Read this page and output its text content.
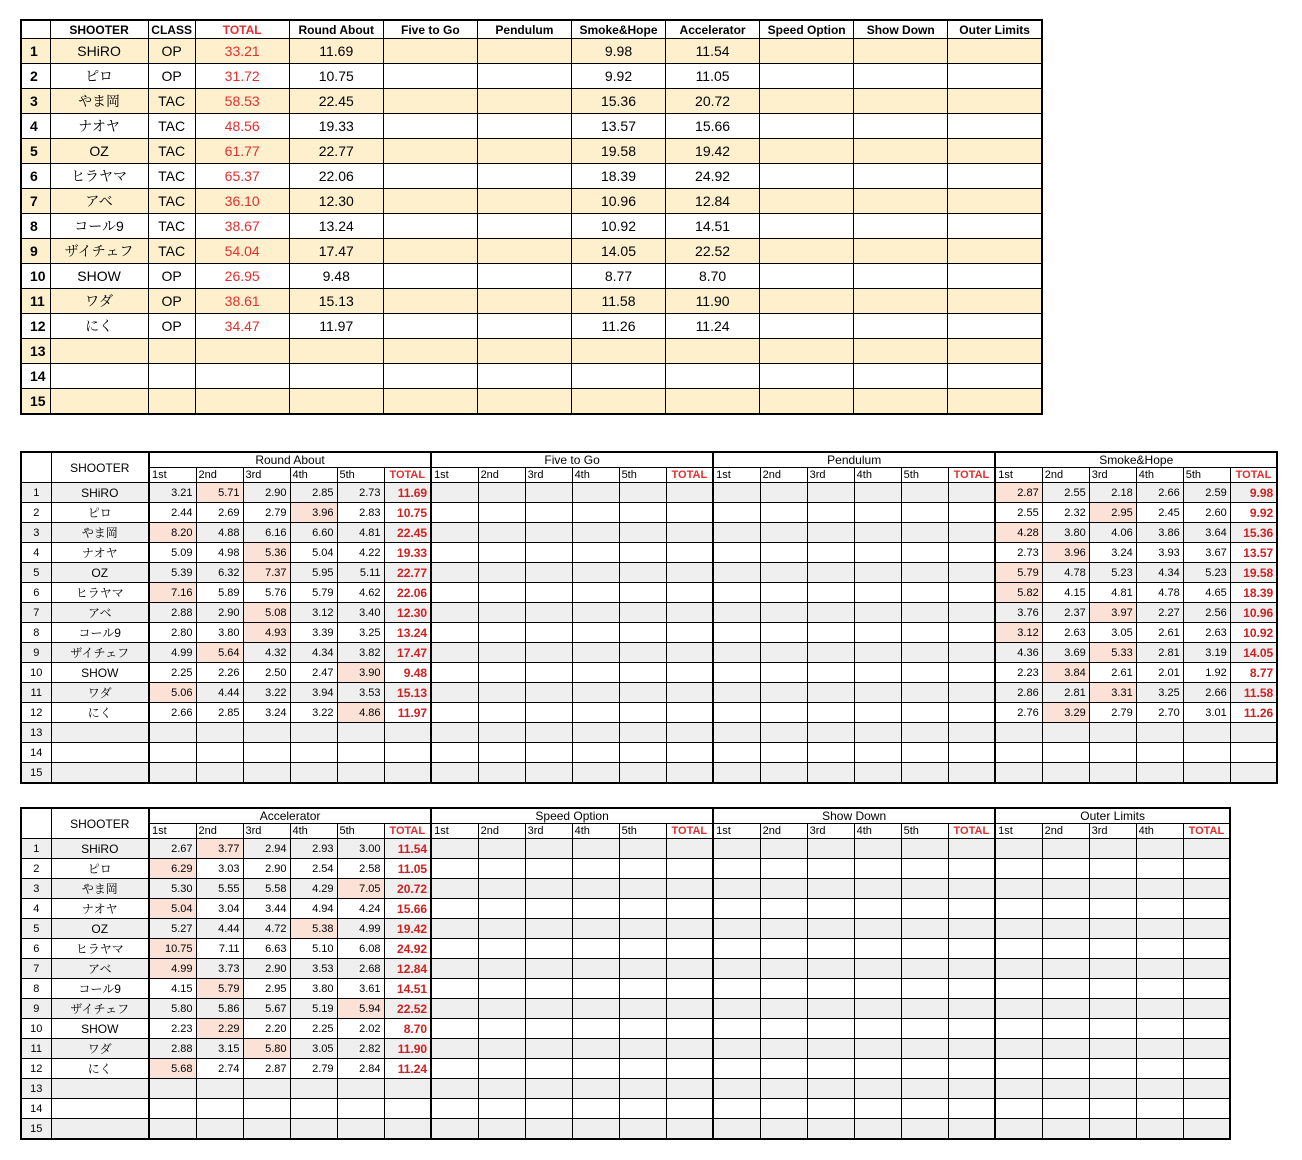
	SHOOTER	CLASS	TOTAL	Round About	Five to Go	Pendulum	Smoke&Hope	Accelerator	Speed Option	Show Down	Outer Limits
1	SHiRO	OP	33.21	11.69			9.98	11.54			
2	ピロ	OP	31.72	10.75			9.92	11.05			
3	やま岡	TAC	58.53	22.45			15.36	20.72			
4	ナオヤ	TAC	48.56	19.33			13.57	15.66			
5	OZ	TAC	61.77	22.77			19.58	19.42			
6	ヒラヤマ	TAC	65.37	22.06			18.39	24.92			
7	アベ	TAC	36.10	12.30			10.96	12.84			
8	コール9	TAC	38.67	13.24			10.92	14.51			
9	ザイチェフ	TAC	54.04	17.47			14.05	22.52			
10	SHOW	OP	26.95	9.48			8.77	8.70			
11	ワダ	OP	38.61	15.13			11.58	11.90			
12	にく	OP	34.47	11.97			11.26	11.24			
13											
14											
15											
	SHOOTER	Round About						Five to Go						Pendulum						Smoke&Hope					
		1st	2nd	3rd	4th	5th	TOTAL	1st	2nd	3rd	4th	5th	TOTAL	1st	2nd	3rd	4th	5th	TOTAL	1st	2nd	3rd	4th	5th	TOTAL
1	SHiRO	3.21	5.71	2.90	2.85	2.73	11.69													2.87	2.55	2.18	2.66	2.59	9.98
2	ピロ	2.44	2.69	2.79	3.96	2.83	10.75													2.55	2.32	2.95	2.45	2.60	9.92
3	やま岡	8.20	4.88	6.16	6.60	4.81	22.45													4.28	3.80	4.06	3.86	3.64	15.36
4	ナオヤ	5.09	4.98	5.36	5.04	4.22	19.33													2.73	3.96	3.24	3.93	3.67	13.57
5	OZ	5.39	6.32	7.37	5.95	5.11	22.77													5.79	4.78	5.23	4.34	5.23	19.58
6	ヒラヤマ	7.16	5.89	5.76	5.79	4.62	22.06													5.82	4.15	4.81	4.78	4.65	18.39
7	アベ	2.88	2.90	5.08	3.12	3.40	12.30													3.76	2.37	3.97	2.27	2.56	10.96
8	コール9	2.80	3.80	4.93	3.39	3.25	13.24													3.12	2.63	3.05	2.61	2.63	10.92
9	ザイチェフ	4.99	5.64	4.32	4.34	3.82	17.47													4.36	3.69	5.33	2.81	3.19	14.05
10	SHOW	2.25	2.26	2.50	2.47	3.90	9.48													2.23	3.84	2.61	2.01	1.92	8.77
11	ワダ	5.06	4.44	3.22	3.94	3.53	15.13													2.86	2.81	3.31	3.25	2.66	11.58
12	にく	2.66	2.85	3.24	3.22	4.86	11.97													2.76	3.29	2.79	2.70	3.01	11.26
13																									
14																									
15																									
	SHOOTER	Accelerator						Speed Option						Show Down						Outer Limits				
		1st	2nd	3rd	4th	5th	TOTAL	1st	2nd	3rd	4th	5th	TOTAL	1st	2nd	3rd	4th	5th	TOTAL	1st	2nd	3rd	4th	TOTAL
1	SHiRO	2.67	3.77	2.94	2.93	3.00	11.54																	
2	ピロ	6.29	3.03	2.90	2.54	2.58	11.05																	
3	やま岡	5.30	5.55	5.58	4.29	7.05	20.72																	
4	ナオヤ	5.04	3.04	3.44	4.94	4.24	15.66																	
5	OZ	5.27	4.44	4.72	5.38	4.99	19.42																	
6	ヒラヤマ	10.75	7.11	6.63	5.10	6.08	24.92																	
7	アベ	4.99	3.73	2.90	3.53	2.68	12.84																	
8	コール9	4.15	5.79	2.95	3.80	3.61	14.51																	
9	ザイチェフ	5.80	5.86	5.67	5.19	5.94	22.52																	
10	SHOW	2.23	2.29	2.20	2.25	2.02	8.70																	
11	ワダ	2.88	3.15	5.80	3.05	2.82	11.90																	
12	にく	5.68	2.74	2.87	2.79	2.84	11.24																	
13																								
14																								
15																								
